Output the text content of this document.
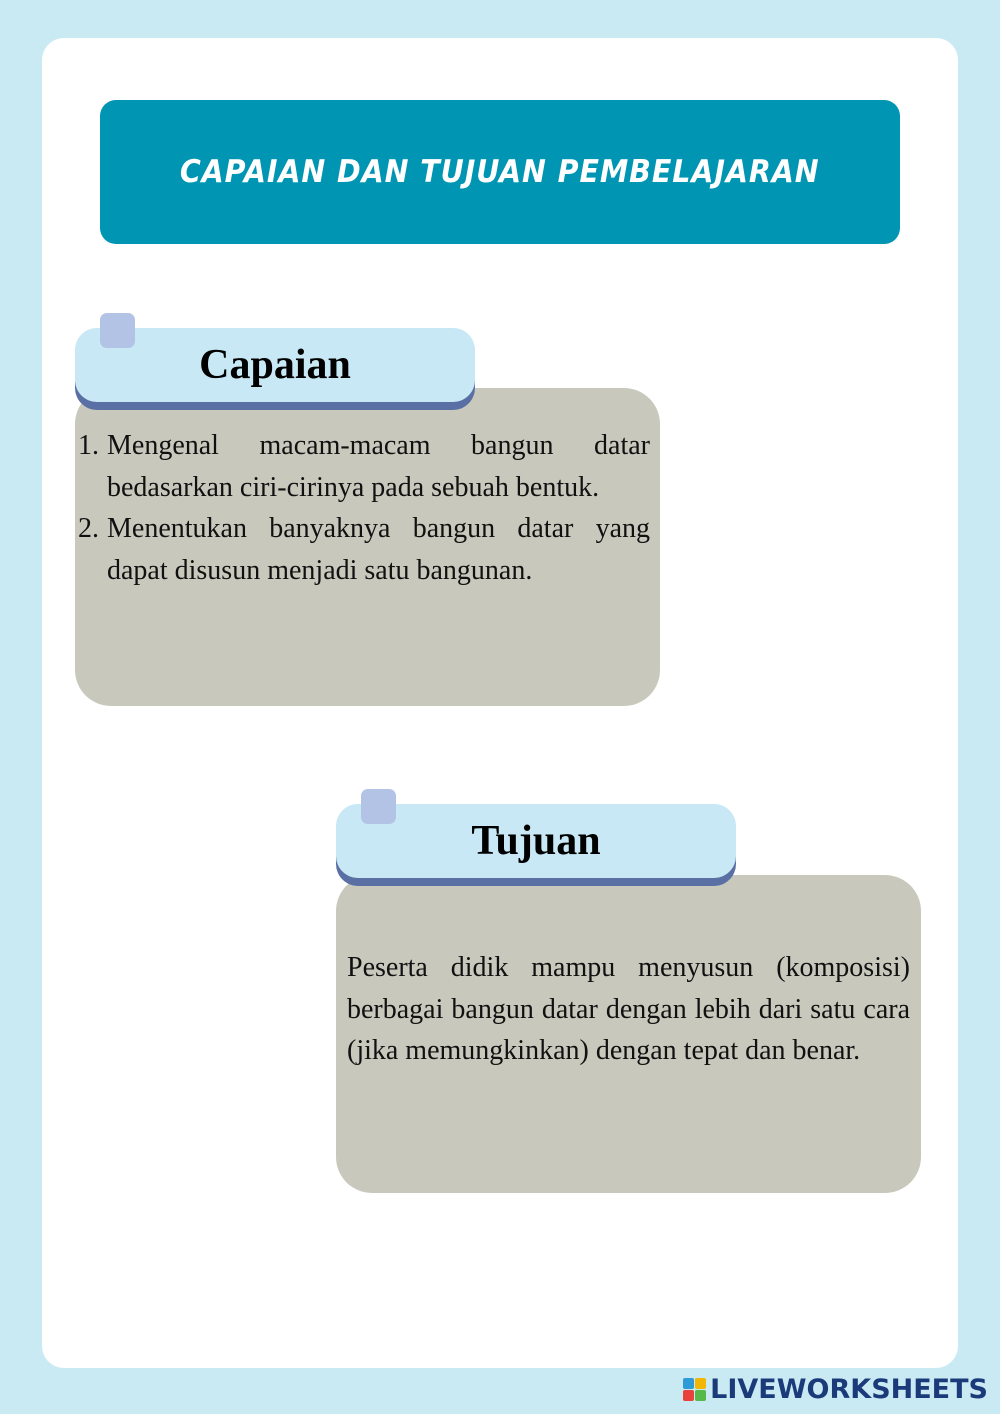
CAPAIAN DAN TUJUAN PEMBELAJARAN
Capaian
1. Mengenal macam-macam bangun datar bedasarkan ciri-cirinya pada sebuah bentuk.
2. Menentukan banyaknya bangun datar yang dapat disusun menjadi satu bangunan.
Tujuan

Peserta didik mampu menyusun (komposisi) berbagai bangun datar dengan lebih dari satu cara (jika memungkinkan) dengan tepat dan benar.

LIVEWORKSHEETS
